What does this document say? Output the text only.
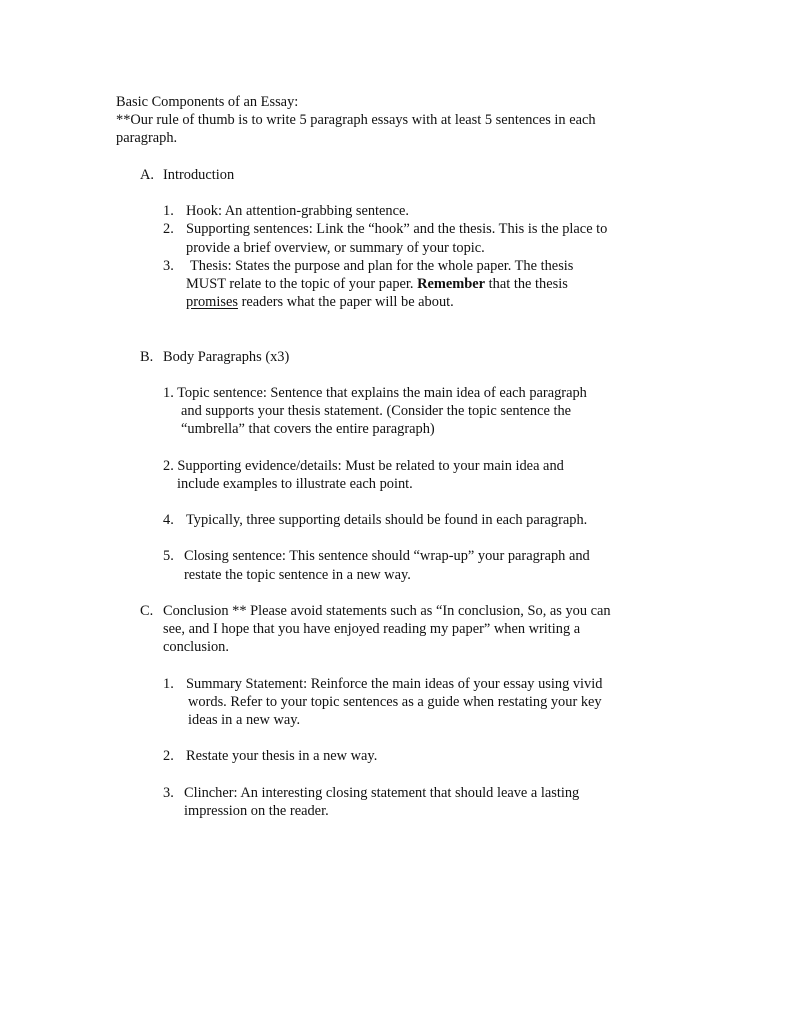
Basic Components of an Essay:
**Our rule of thumb is to write 5 paragraph essays with at least 5 sentences in each
paragraph.
A. Introduction
1. Hook: An attention-grabbing sentence.
2. Supporting sentences: Link the “hook” and the thesis. This is the place to
provide a brief overview, or summary of your topic.
3. Thesis: States the purpose and plan for the whole paper. The thesis
MUST relate to the topic of your paper. Remember that the thesis
promises readers what the paper will be about.
B. Body Paragraphs (x3)
1. Topic sentence: Sentence that explains the main idea of each paragraph
and supports your thesis statement. (Consider the topic sentence the
“umbrella” that covers the entire paragraph)
2. Supporting evidence/details: Must be related to your main idea and
include examples to illustrate each point.
4. Typically, three supporting details should be found in each paragraph.
5. Closing sentence: This sentence should “wrap-up” your paragraph and
restate the topic sentence in a new way.
C. Conclusion ** Please avoid statements such as “In conclusion, So, as you can
see, and I hope that you have enjoyed reading my paper” when writing a
conclusion.
1. Summary Statement: Reinforce the main ideas of your essay using vivid
words. Refer to your topic sentences as a guide when restating your key
ideas in a new way.
2. Restate your thesis in a new way.
3. Clincher: An interesting closing statement that should leave a lasting
impression on the reader.
